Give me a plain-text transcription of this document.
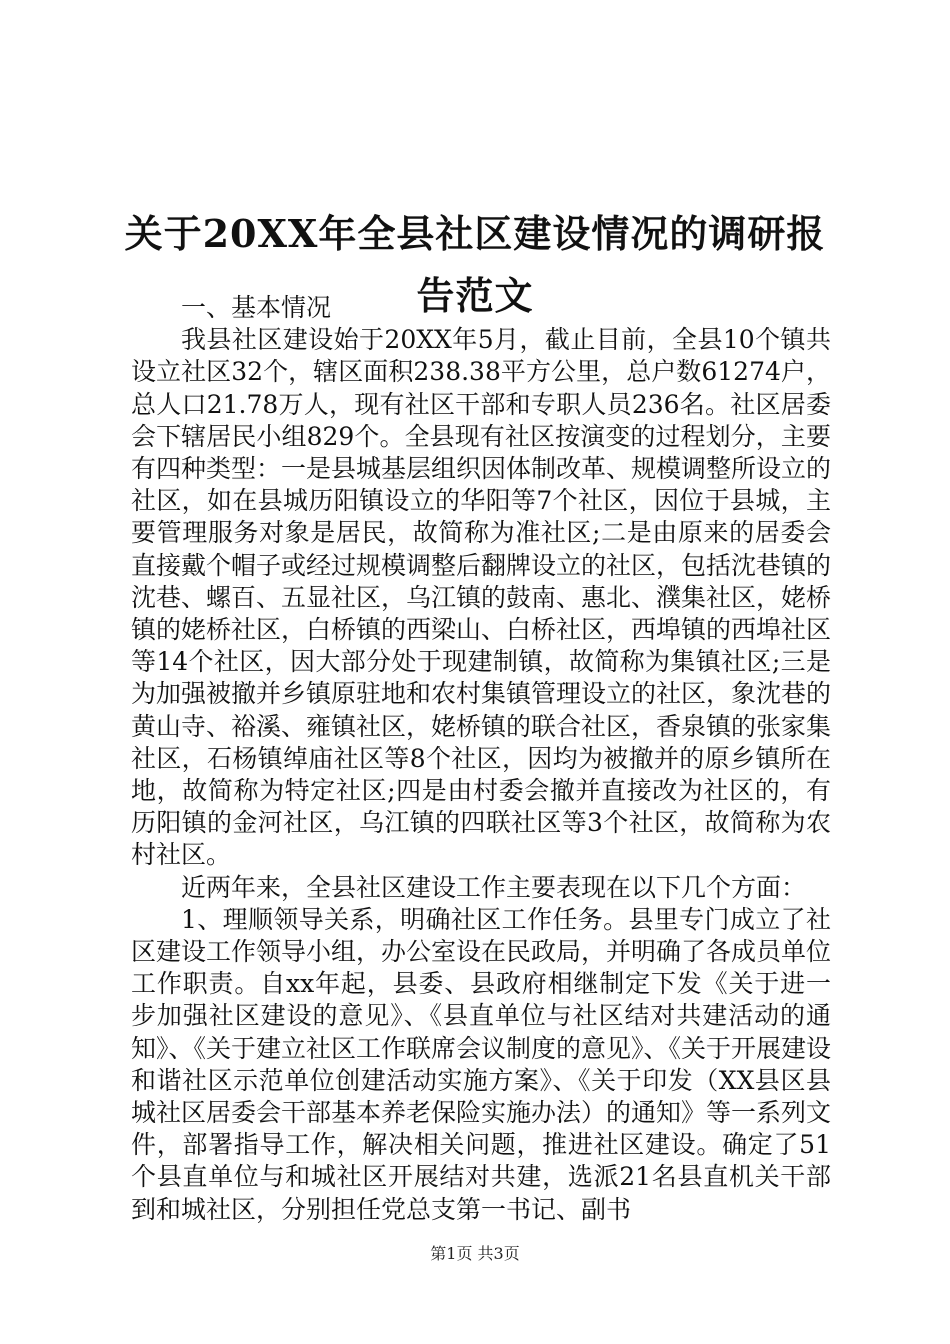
关于20XX年全县社区建设情况的调研报告范文

一、基本情况

我县社区建设始于20XX年5月，截止目前，全县10个镇共设立社区32个，辖区面积238.38平方公里，总户数61274户，总人口21.78万人，现有社区干部和专职人员236名。社区居委会下辖居民小组829个。全县现有社区按演变的过程划分，主要有四种类型：一是县城基层组织因体制改革、规模调整所设立的社区，如在县城历阳镇设立的华阳等7个社区，因位于县城，主要管理服务对象是居民，故简称为准社区;二是由原来的居委会直接戴个帽子或经过规模调整后翻牌设立的社区，包括沈巷镇的沈巷、螺百、五显社区，乌江镇的鼓南、惠北、濮集社区，姥桥镇的姥桥社区，白桥镇的西梁山、白桥社区，西埠镇的西埠社区等14个社区，因大部分处于现建制镇，故简称为集镇社区;三是为加强被撤并乡镇原驻地和农村集镇管理设立的社区，象沈巷的黄山寺、裕溪、雍镇社区，姥桥镇的联合社区，香泉镇的张家集社区，石杨镇绰庙社区等8个社区，因均为被撤并的原乡镇所在地，故简称为特定社区;四是由村委会撤并直接改为社区的，有历阳镇的金河社区，乌江镇的四联社区等3个社区，故简称为农村社区。

近两年来，全县社区建设工作主要表现在以下几个方面：

1、理顺领导关系，明确社区工作任务。县里专门成立了社区建设工作领导小组，办公室设在民政局，并明确了各成员单位工作职责。自xx年起，县委、县政府相继制定下发《关于进一步加强社区建设的意见》、《县直单位与社区结对共建活动的通知》、《关于建立社区工作联席会议制度的意见》、《关于开展建设和谐社区示范单位创建活动实施方案》、《关于印发（XX县区县城社区居委会干部基本养老保险实施办法）的通知》等一系列文件，部署指导工作，解决相关问题，推进社区建设。确定了51个县直单位与和城社区开展结对共建，选派21名县直机关干部到和城社区，分别担任党总支第一书记、副书

第1页 共3页
